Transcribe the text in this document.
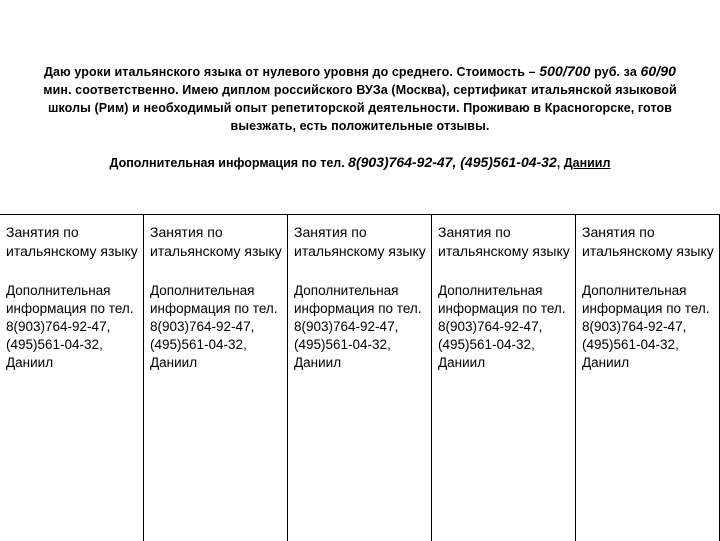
Даю уроки итальянского языка от нулевого уровня до среднего. Стоимость – 500/700 руб. за 60/90 мин. соответственно. Имею диплом российского ВУЗа (Москва), сертификат итальянской языковой школы (Рим) и необходимый опыт репетиторской деятельности. Проживаю в Красногорске, готов выезжать, есть положительные отзывы.
Дополнительная информация по тел. 8(903)764-92-47, (495)561-04-32, Даниил
Занятия по итальянскому языку
Дополнительная информация по тел. 8(903)764-92-47, (495)561-04-32, Даниил
Занятия по итальянскому языку
Дополнительная информация по тел. 8(903)764-92-47, (495)561-04-32, Даниил
Занятия по итальянскому языку
Дополнительная информация по тел. 8(903)764-92-47, (495)561-04-32, Даниил
Занятия по итальянскому языку
Дополнительная информация по тел. 8(903)764-92-47, (495)561-04-32, Даниил
Занятия по итальянскому языку
Дополнительная информация по тел. 8(903)764-92-47, (495)561-04-32, Даниил
